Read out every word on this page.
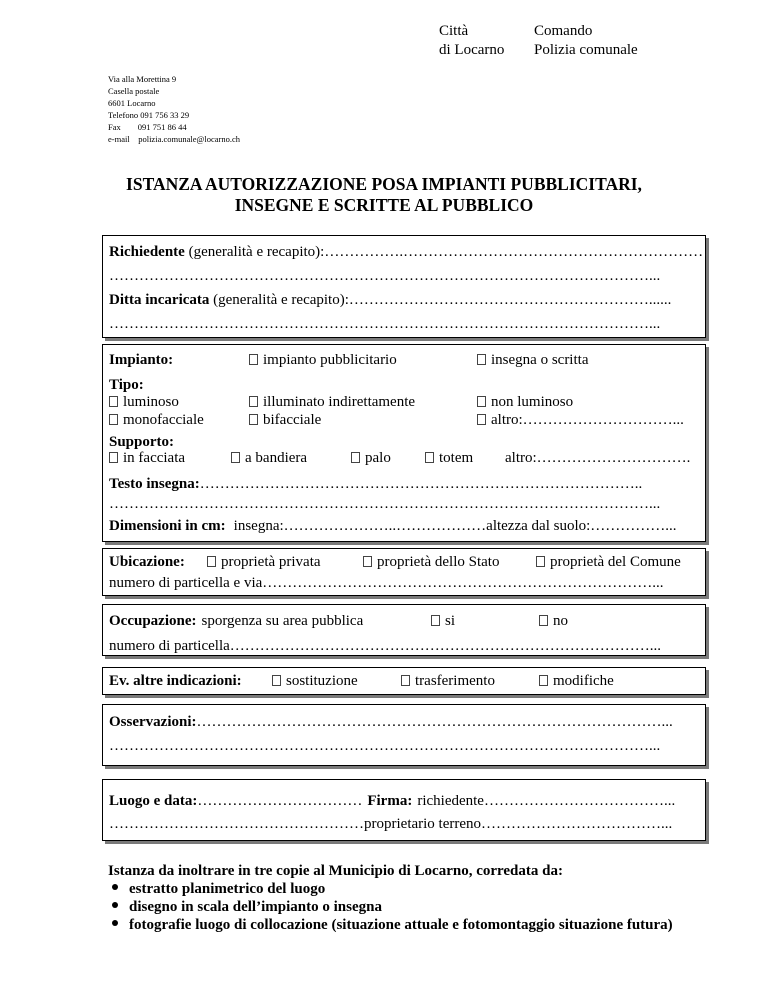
Città
di Locarno
Comando
Polizia comunale
Via alla Morettina 9
Casella postale
6601 Locarno
Telefono 091 756 33 29
Fax        091 751 86 44
e-mail    polizia.comunale@locarno.ch
ISTANZA AUTORIZZAZIONE POSA IMPIANTI PUBBLICITARI,
INSEGNE E SCRITTE AL PUBBLICO
Richiedente (generalità e recapito):…………….……………………………………………………
………………………………………………………………………………………………...
Ditta incaricata (generalità e recapito):……………………………………………………......
………………………………………………………………………………………………...
Impianto:	impianto pubblicitario	insegna o scritta
Tipo:
luminoso	illuminato indirettamente	non luminoso
monofacciale	bifacciale	altro:…………………………...
Supporto:
in facciata	a bandiera	palo	totem altro:………………………….
Testo insegna:……………………………………………………………………………..
………………………………………………………………………………………………...
Dimensioni in cm: insegna:…………………..………………altezza dal suolo:……………...
Ubicazione:	proprietà privata	proprietà dello Stato	proprietà del Comune
numero di particella e via……………………………………………………………………...
Occupazione: sporgenza su area pubblica	si	no
numero di particella…………………………………………………………………………...
Ev. altre indicazioni:	sostituzione	trasferimento	modifiche
Osservazioni:…………………………………………………………………………………...
………………………………………………………………………………………………...
Luogo e data:…………………………… Firma: richiedente………………………………...
……………………………………………proprietario terreno………………………………...
Istanza da inoltrare in tre copie al Municipio di Locarno, corredata da:
estratto planimetrico del luogo
disegno in scala dell’impianto o insegna
fotografie luogo di collocazione (situazione attuale e fotomontaggio situazione futura)
